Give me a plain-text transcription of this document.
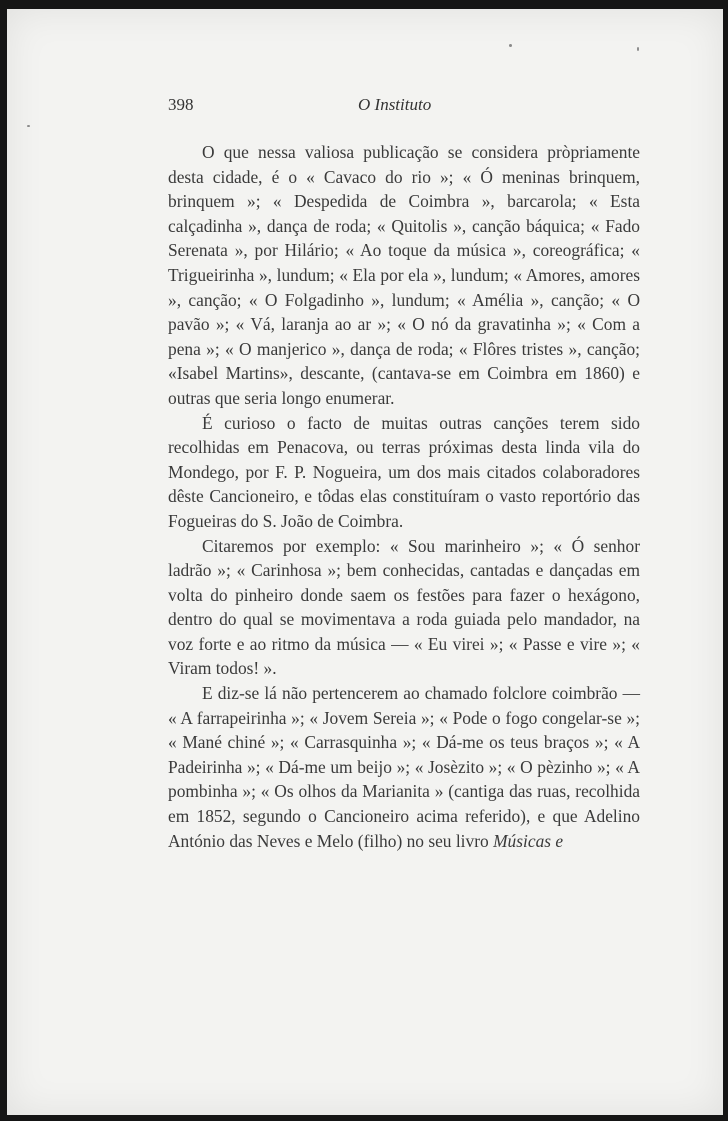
398	O Instituto

O que nessa valiosa publicação se considera pròpriamente desta cidade, é o « Cavaco do rio »; « Ó meninas brinquem, brinquem »; « Despedida de Coimbra », barcarola; « Esta calçadinha », dança de roda; « Quitolis », canção báquica; « Fado Serenata », por Hilário; « Ao toque da música », coreográfica; « Trigueirinha », lundum; « Ela por ela », lundum; « Amores, amores », canção; « O Folgadinho », lundum; « Amélia », canção; « O pavão »; « Vá, laranja ao ar »; « O nó da gravatinha »; « Com a pena »; « O manjerico », dança de roda; « Flôres tristes », canção; «Isabel Martins», descante, (cantava-se em Coimbra em 1860) e outras que seria longo enumerar.

É curioso o facto de muitas outras canções terem sido recolhidas em Penacova, ou terras próximas desta linda vila do Mondego, por F. P. Nogueira, um dos mais citados colaboradores dêste Cancioneiro, e tôdas elas constituíram o vasto reportório das Fogueiras do S. João de Coimbra.

Citaremos por exemplo: « Sou marinheiro »; « Ó senhor ladrão »; « Carinhosa »; bem conhecidas, cantadas e dançadas em volta do pinheiro donde saem os festões para fazer o hexágono, dentro do qual se movimentava a roda guiada pelo mandador, na voz forte e ao ritmo da música — « Eu virei »; « Passe e vire »; « Viram todos! ».

E diz-se lá não pertencerem ao chamado folclore coimbrão — « A farrapeirinha »; « Jovem Sereia »; « Pode o fogo congelar-se »; « Mané chiné »; « Carrasquinha »; « Dá-me os teus braços »; « A Padeirinha »; « Dá-me um beijo »; « Josèzito »; « O pèzinho »; « A pombinha »; « Os olhos da Marianita » (cantiga das ruas, recolhida em 1852, segundo o Cancioneiro acima referido), e que Adelino António das Neves e Melo (filho) no seu livro Músicas e
